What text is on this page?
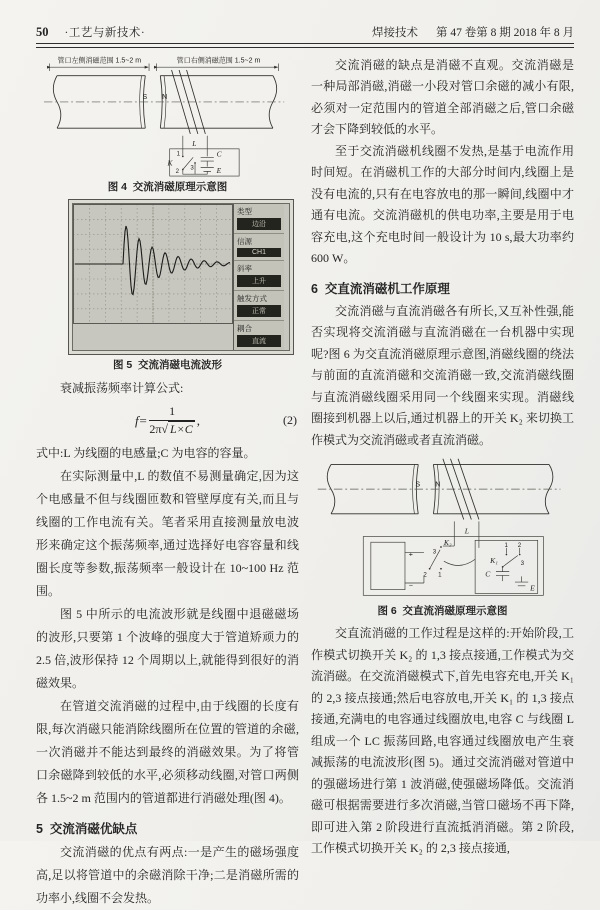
50 ·工艺与新技术·	焊接技术 第 47 卷第 8 期 2018 年 8 月
管口左侧消磁范围 1.5~2 m	管口右侧消磁范围 1.5~2 m
S N
L
1
2
3
K
C
E
图 4  交流消磁原理示意图
类型
边沿
信源
CH1
斜率
上升
触发方式
正常
耦合
直流
图 5  交流消磁电流波形

衰减振荡频率计算公式:

$f= \frac{1}{2\pi√ L\times C}$ ,	(2)

式中:L 为线圈的电感量;C 为电容的容量。

在实际测量中,L 的数值不易测量确定,因为这个电感量不但与线圈匝数和管壁厚度有关,而且与线圈的工作电流有关。笔者采用直接测量放电波形来确定这个振荡频率,通过选择好电容容量和线圈长度等参数,振荡频率一般设计在 10~100 Hz 范围。

图 5 中所示的电流波形就是线圈中退磁磁场的波形,只要第 1 个波峰的强度大于管道矫顽力的 2.5 倍,波形保持 12 个周期以上,就能得到很好的消磁效果。

在管道交流消磁的过程中,由于线圈的长度有限,每次消磁只能消除线圈所在位置的管道的余磁,一次消磁并不能达到最终的消磁效果。为了将管口余磁降到较低的水平,必须移动线圈,对管口两侧各 1.5~2 m 范围内的管道都进行消磁处理(图 4)。

5  交流消磁优缺点

交流消磁的优点有两点:一是产生的磁场强度高,足以将管道中的余磁消除干净;二是消磁所需的功率小,线圈不会发热。

交流消磁的缺点是消磁不直观。交流消磁是一种局部消磁,消磁一小段对管口余磁的减小有限,必须对一定范围内的管道全部消磁之后,管口余磁才会下降到较低的水平。

至于交流消磁机线圈不发热,是基于电流作用时间短。在消磁机工作的大部分时间内,线圈上是没有电流的,只有在电容放电的那一瞬间,线圈中才通有电流。交流消磁机的供电功率,主要是用于电容充电,这个充电时间一般设计为 10 s,最大功率约 600 W。

6  交直流消磁机工作原理

交流消磁与直流消磁各有所长,又互补性强,能否实现将交流消磁与直流消磁在一台机器中实现呢?图 6 为交直流消磁原理示意图,消磁线圈的绕法与前面的直流消磁和交流消磁一致,交流消磁线圈与直流消磁线圈采用同一个线圈来实现。消磁线圈接到机器上以后,通过机器上的开关 K₂ 来切换工作模式为交流消磁或者直流消磁。

S N
L
+
−
3
2 1
K₂	1 2
K₁	3
C
E
图 6  交直流消磁原理示意图

交直流消磁的工作过程是这样的:开始阶段,工作模式切换开关 K₂ 的 1,3 接点接通,工作模式为交流消磁。在交流消磁模式下,首先电容充电,开关 K₁ 的 2,3 接点接通;然后电容放电,开关 K₁ 的 1,3 接点接通,充满电的电容通过线圈放电,电容 C 与线圈 L 组成一个 LC 振荡回路,电容通过线圈放电产生衰减振荡的电流波形(图 5)。通过交流消磁对管道中的强磁场进行第 1 波消磁,使强磁场降低。交流消磁可根据需要进行多次消磁,当管口磁场不再下降,即可进入第 2 阶段进行直流抵消消磁。第 2 阶段,工作模式切换开关 K₂ 的 2,3 接点接通,
